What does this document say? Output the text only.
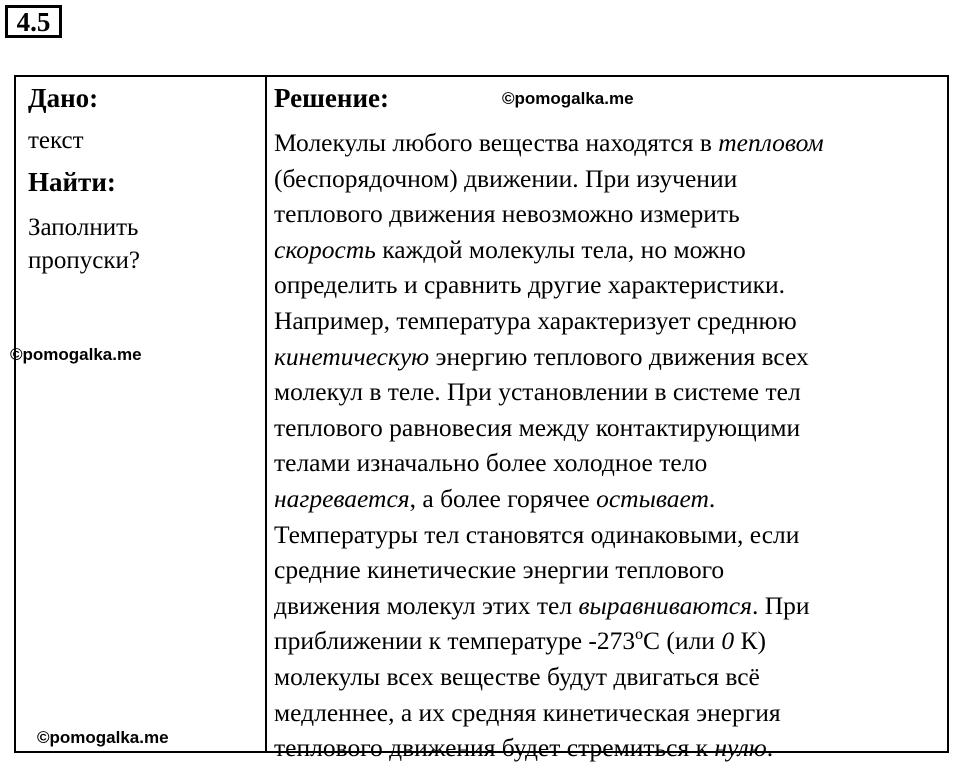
4.5
Дано:
текст
Найти:
Заполнить
пропуски?
Решение:
Молекулы любого вещества находятся в тепловом
(беспорядочном) движении. При изучении
теплового движения невозможно измерить
скорость каждой молекулы тела, но можно
определить и сравнить другие характеристики.
Например, температура характеризует среднюю
кинетическую энергию теплового движения всех
молекул в теле. При установлении в системе тел
теплового равновесия между контактирующими
телами изначально более холодное тело
нагревается, а более горячее остывает.
Температуры тел становятся одинаковыми, если
средние кинетические энергии теплового
движения молекул этих тел выравниваются. При
приближении к температуре -273ºС (или 0 К)
молекулы всех веществе будут двигаться всё
медленнее, а их средняя кинетическая энергия
теплового движения будет стремиться к нулю.
©pomogalka.me
©pomogalka.me
©pomogalka.me
